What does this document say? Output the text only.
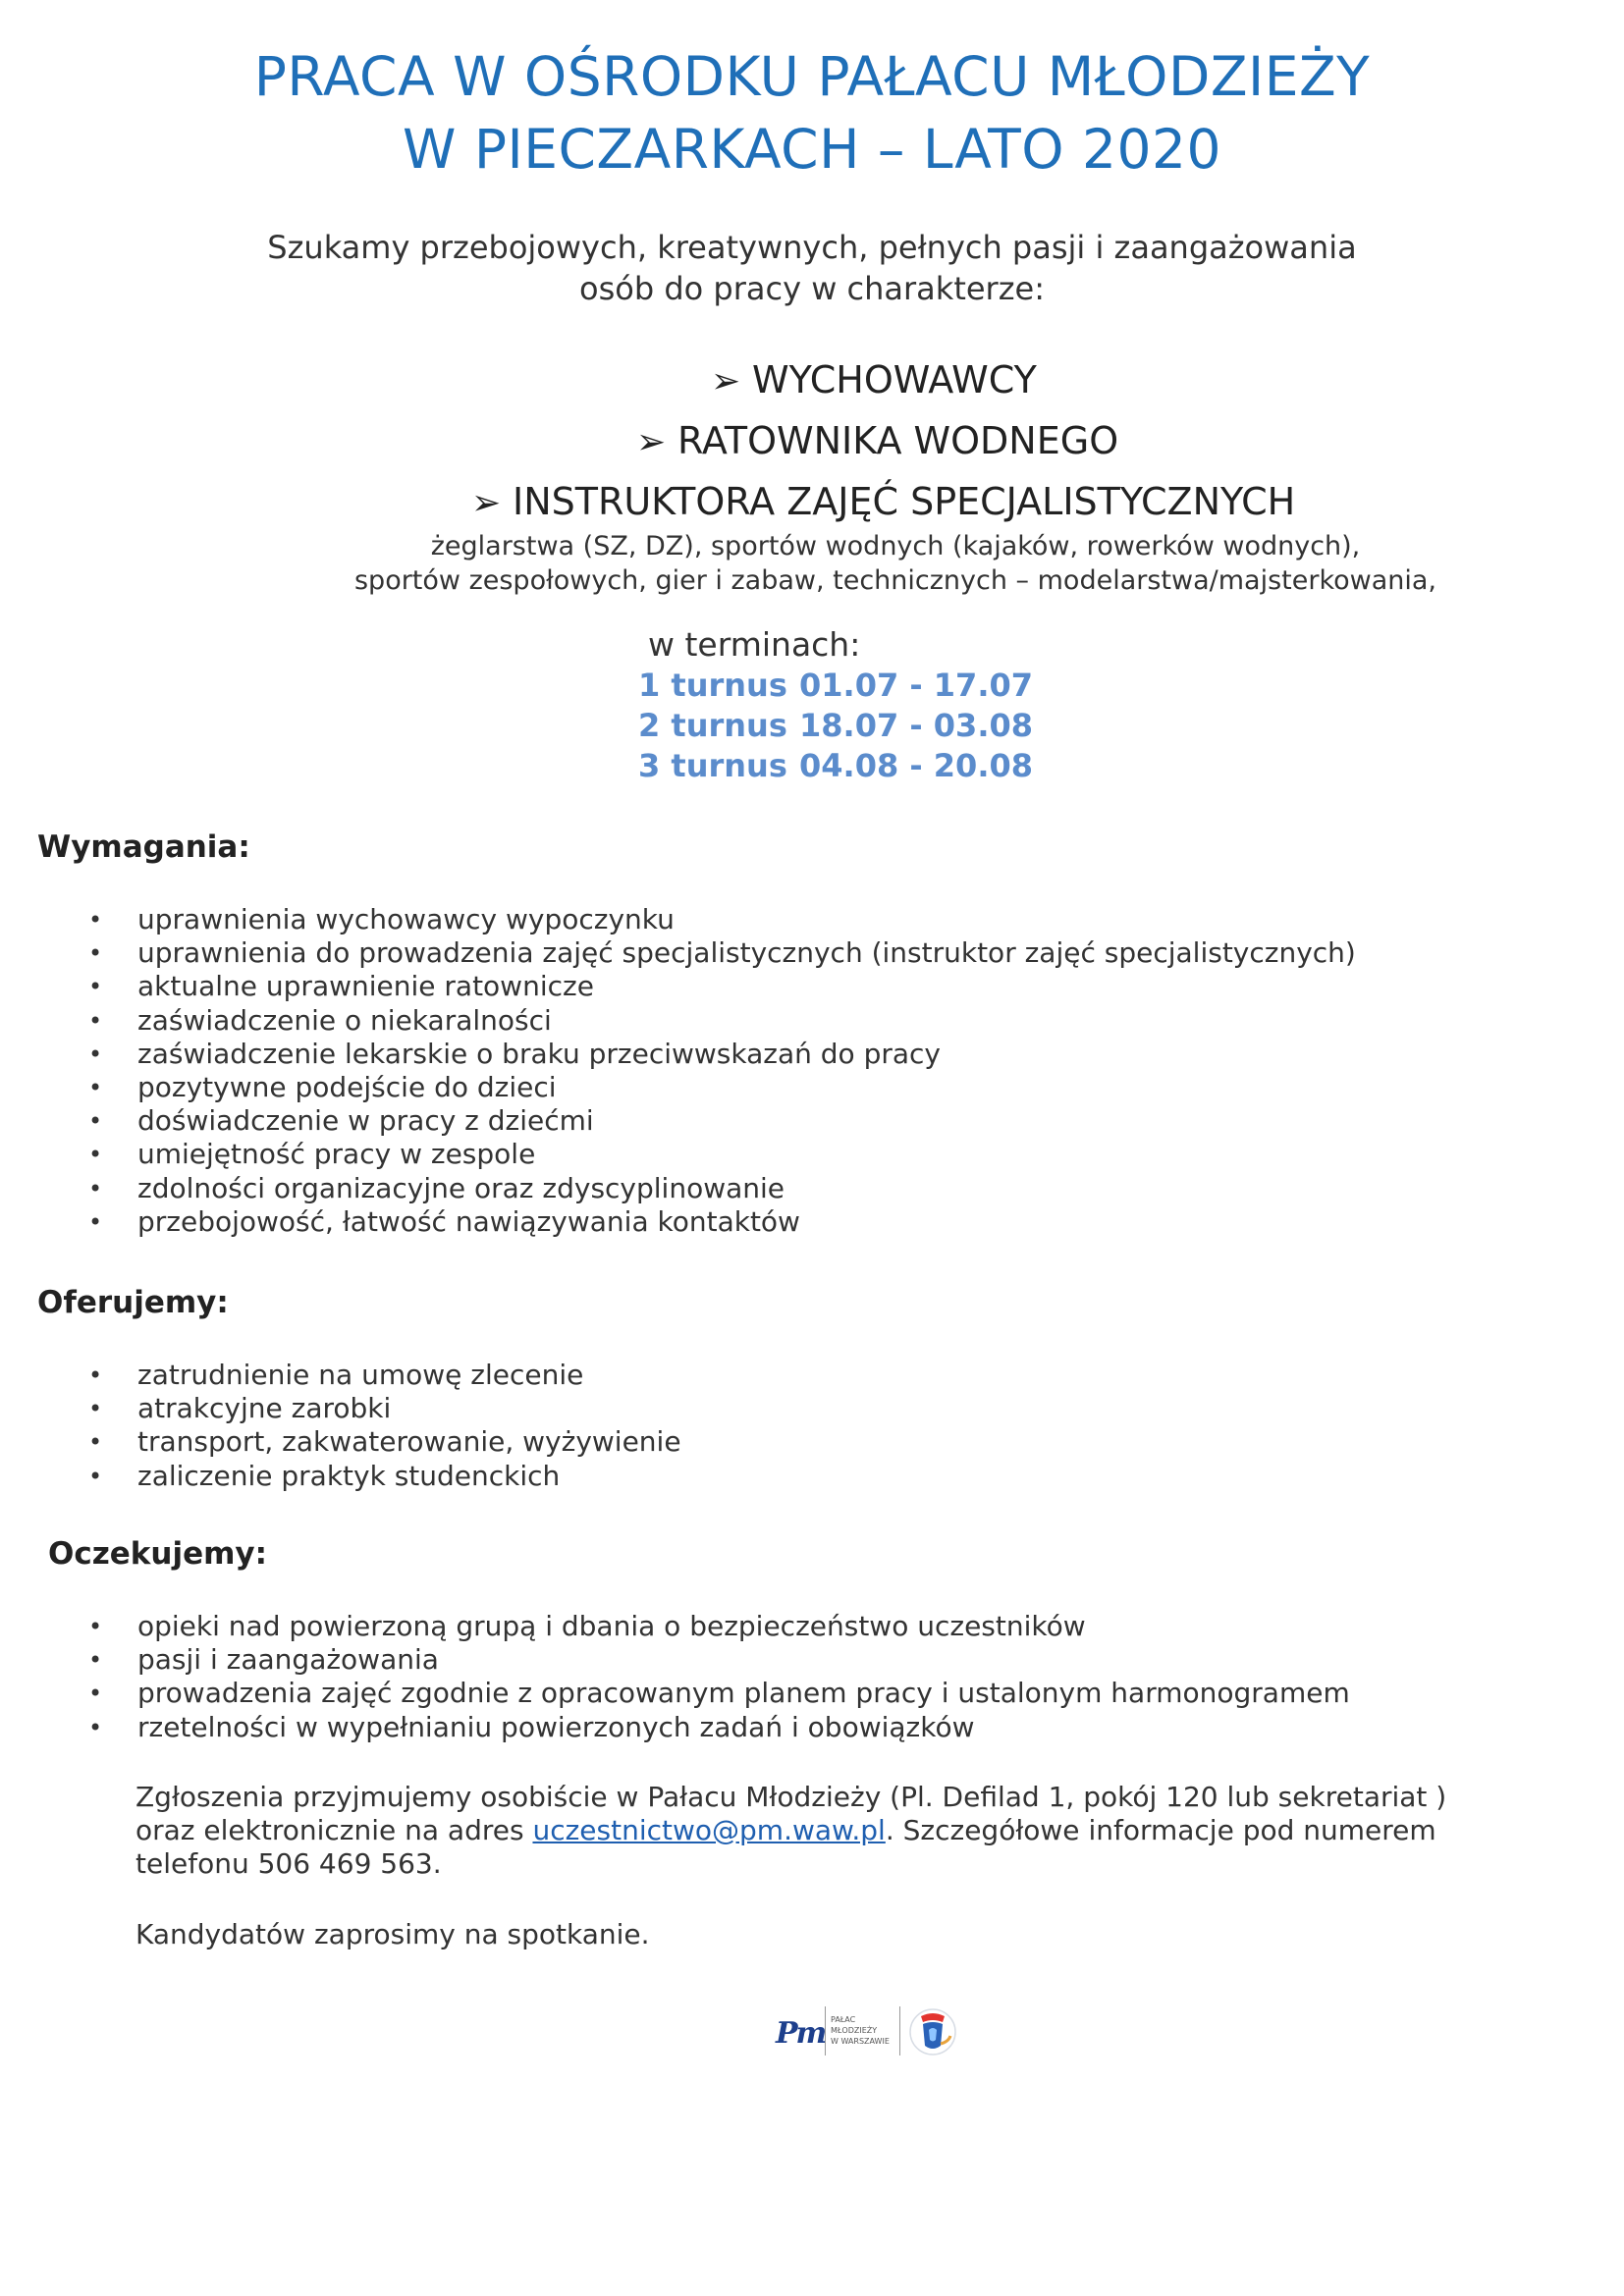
PRACA W OŚRODKU PAŁACU MŁODZIEŻY
W PIECZARKACH – LATO 2020
Szukamy przebojowych, kreatywnych, pełnych pasji i zaangażowania
osób do pracy w charakterze:
➢ WYCHOWAWCY
➢ RATOWNIKA WODNEGO
➢ INSTRUKTORA ZAJĘĆ SPECJALISTYCZNYCH
żeglarstwa (SZ, DZ), sportów wodnych (kajaków, rowerków wodnych),
sportów zespołowych, gier i zabaw, technicznych – modelarstwa/majsterkowania,
w terminach:
1 turnus 01.07 - 17.07
2 turnus 18.07 - 03.08
3 turnus 04.08 - 20.08
Wymagania:
• uprawnienia wychowawcy wypoczynku
• uprawnienia do prowadzenia zajęć specjalistycznych (instruktor zajęć specjalistycznych)
• aktualne uprawnienie ratownicze
• zaświadczenie o niekaralności
• zaświadczenie lekarskie o braku przeciwwskazań do pracy
• pozytywne podejście do dzieci
• doświadczenie w pracy z dziećmi
• umiejętność pracy w zespole
• zdolności organizacyjne oraz zdyscyplinowanie
• przebojowość, łatwość nawiązywania kontaktów
Oferujemy:
• zatrudnienie na umowę zlecenie
• atrakcyjne zarobki
• transport, zakwaterowanie, wyżywienie
• zaliczenie praktyk studenckich
Oczekujemy:
• opieki nad powierzoną grupą i dbania o bezpieczeństwo uczestników
• pasji i zaangażowania
• prowadzenia zajęć zgodnie z opracowanym planem pracy i ustalonym harmonogramem
• rzetelności w wypełnianiu powierzonych zadań i obowiązków
Zgłoszenia przyjmujemy osobiście w Pałacu Młodzieży (Pl. Defilad 1, pokój 120 lub sekretariat ) oraz elektronicznie na adres uczestnictwo@pm.waw.pl. Szczegółowe informacje pod numerem telefonu 506 469 563.
Kandydatów zaprosimy na spotkanie.
Pm PAŁAC
MŁODZIEŻY
W WARSZAWIE
